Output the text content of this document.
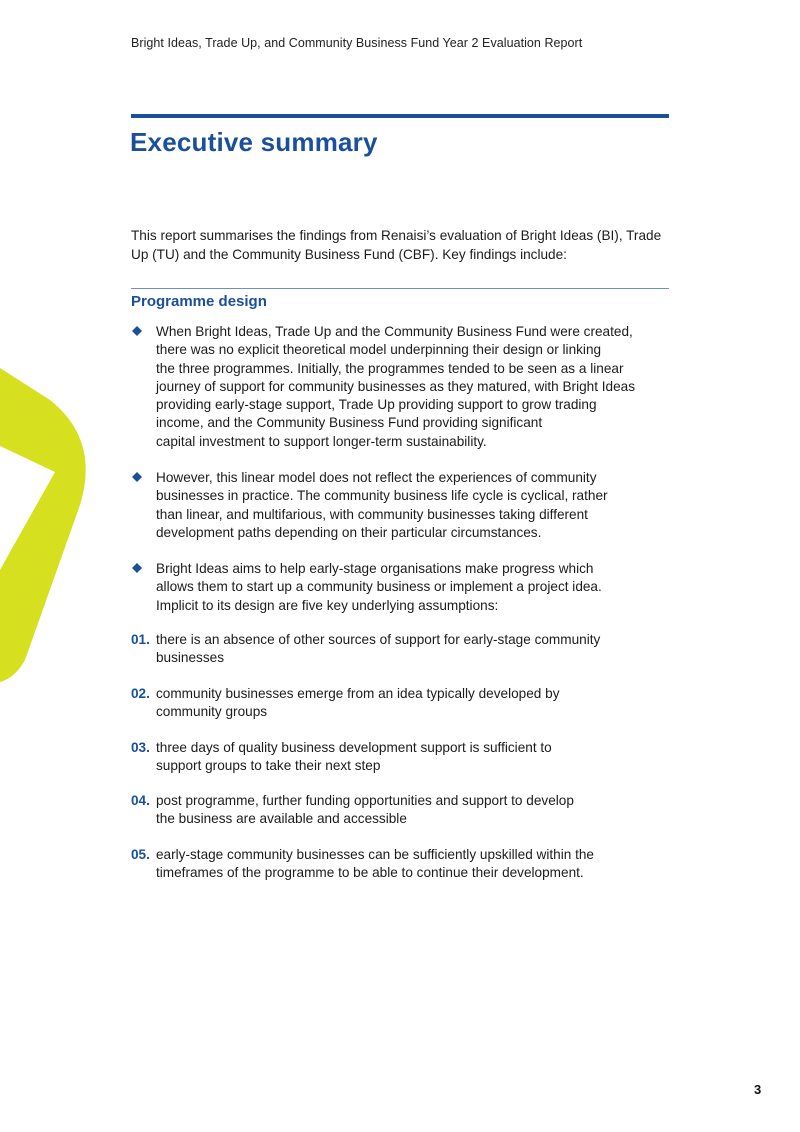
Bright Ideas, Trade Up, and Community Business Fund Year 2 Evaluation Report
Executive summary

This report summarises the findings from Renaisi’s evaluation of Bright Ideas (BI), Trade Up (TU) and the Community Business Fund (CBF). Key findings include:

Programme design

When Bright Ideas, Trade Up and the Community Business Fund were created,
there was no explicit theoretical model underpinning their design or linking
the three programmes. Initially, the programmes tended to be seen as a linear
journey of support for community businesses as they matured, with Bright Ideas
providing early-stage support, Trade Up providing support to grow trading
income, and the Community Business Fund providing significant
capital investment to support longer-term sustainability.

However, this linear model does not reflect the experiences of community
businesses in practice. The community business life cycle is cyclical, rather
than linear, and multifarious, with community businesses taking different
development paths depending on their particular circumstances.

Bright Ideas aims to help early-stage organisations make progress which
allows them to start up a community business or implement a project idea.
Implicit to its design are five key underlying assumptions:

01. there is an absence of other sources of support for early-stage community
businesses

02. community businesses emerge from an idea typically developed by
community groups

03. three days of quality business development support is sufficient to
support groups to take their next step

04. post programme, further funding opportunities and support to develop
the business are available and accessible

05. early-stage community businesses can be sufficiently upskilled within the
timeframes of the programme to be able to continue their development.

3
